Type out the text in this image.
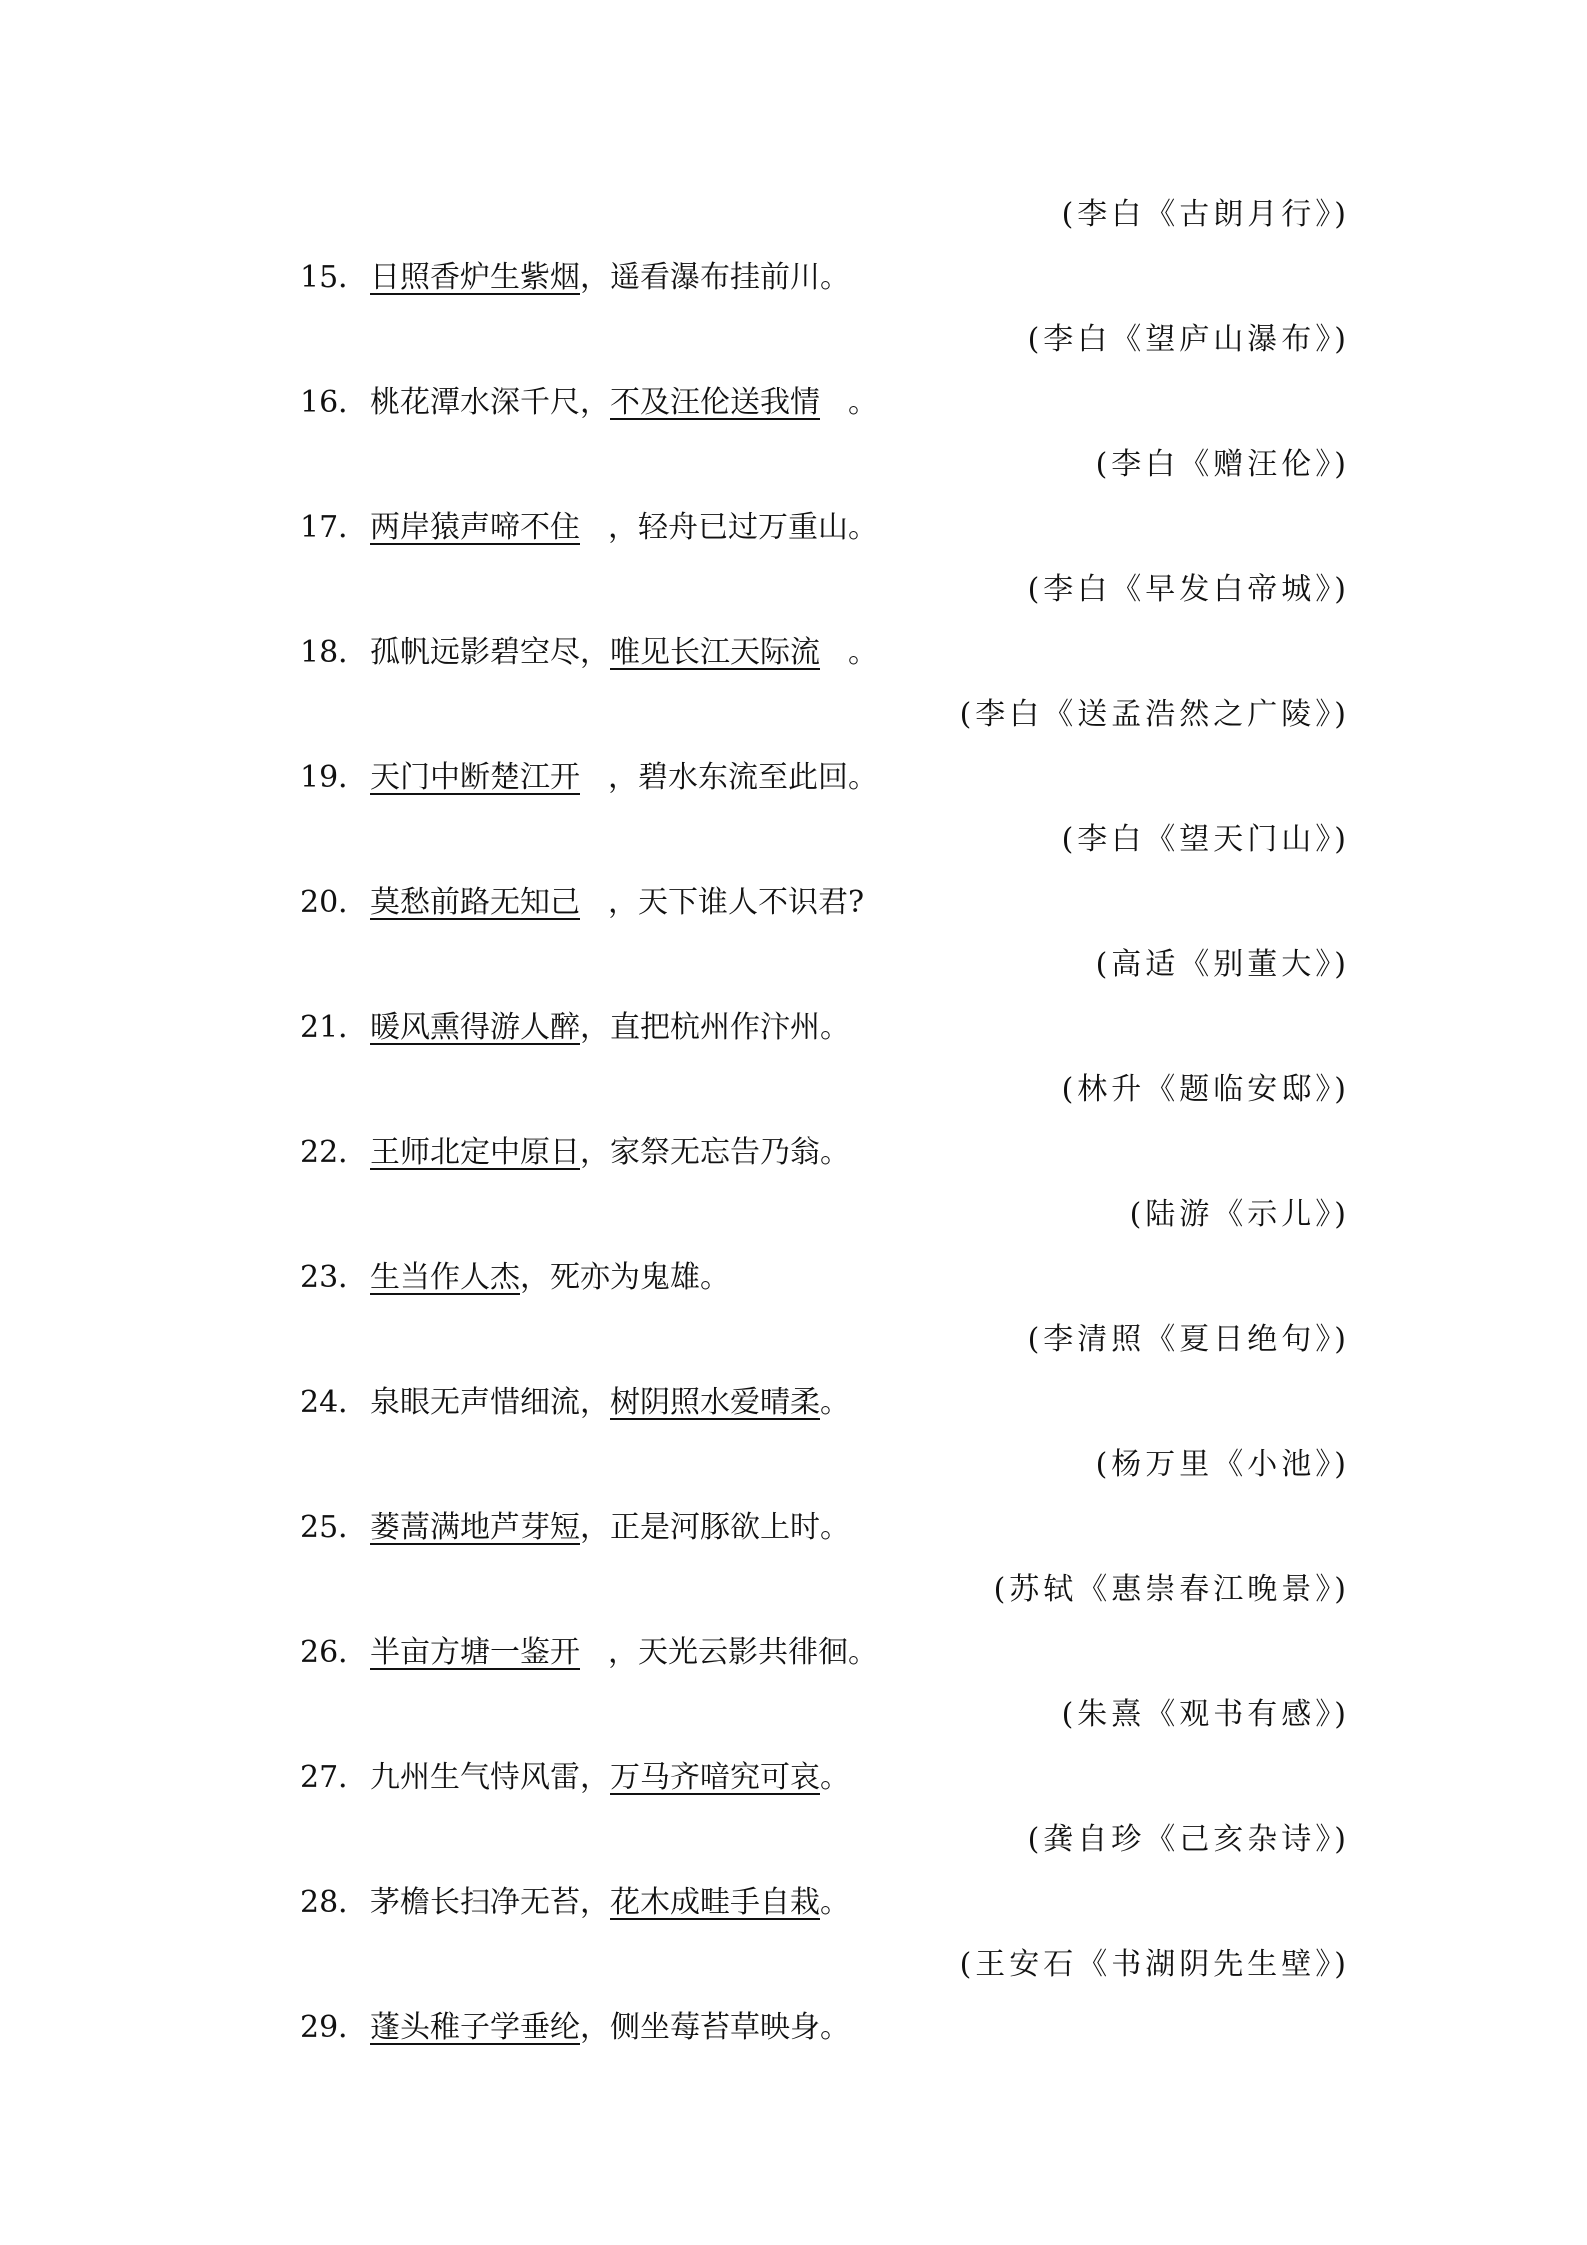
(李白《古朗月行》)
15．日照香炉生紫烟，遥看瀑布挂前川。
(李白《望庐山瀑布》)
16．桃花潭水深千尺，不及汪伦送我情 。
(李白《赠汪伦》)
17．两岸猿声啼不住 ，轻舟已过万重山。
(李白《早发白帝城》)
18．孤帆远影碧空尽，唯见长江天际流 。
(李白《送孟浩然之广陵》)
19．天门中断楚江开 ，碧水东流至此回。
(李白《望天门山》)
20．莫愁前路无知己 ，天下谁人不识君?
(高适《别董大》)
21．暖风熏得游人醉，直把杭州作汴州。
(林升《题临安邸》)
22．王师北定中原日，家祭无忘告乃翁。
(陆游《示儿》)
23．生当作人杰，死亦为鬼雄。
(李清照《夏日绝句》)
24．泉眼无声惜细流，树阴照水爱晴柔。
(杨万里《小池》)
25．蒌蒿满地芦芽短，正是河豚欲上时。
(苏轼《惠崇春江晚景》)
26．半亩方塘一鉴开 ，天光云影共徘徊。
(朱熹《观书有感》)
27．九州生气恃风雷，万马齐喑究可哀。
(龚自珍《己亥杂诗》)
28．茅檐长扫净无苔，花木成畦手自栽。
(王安石《书湖阴先生壁》)
29．蓬头稚子学垂纶，侧坐莓苔草映身。
